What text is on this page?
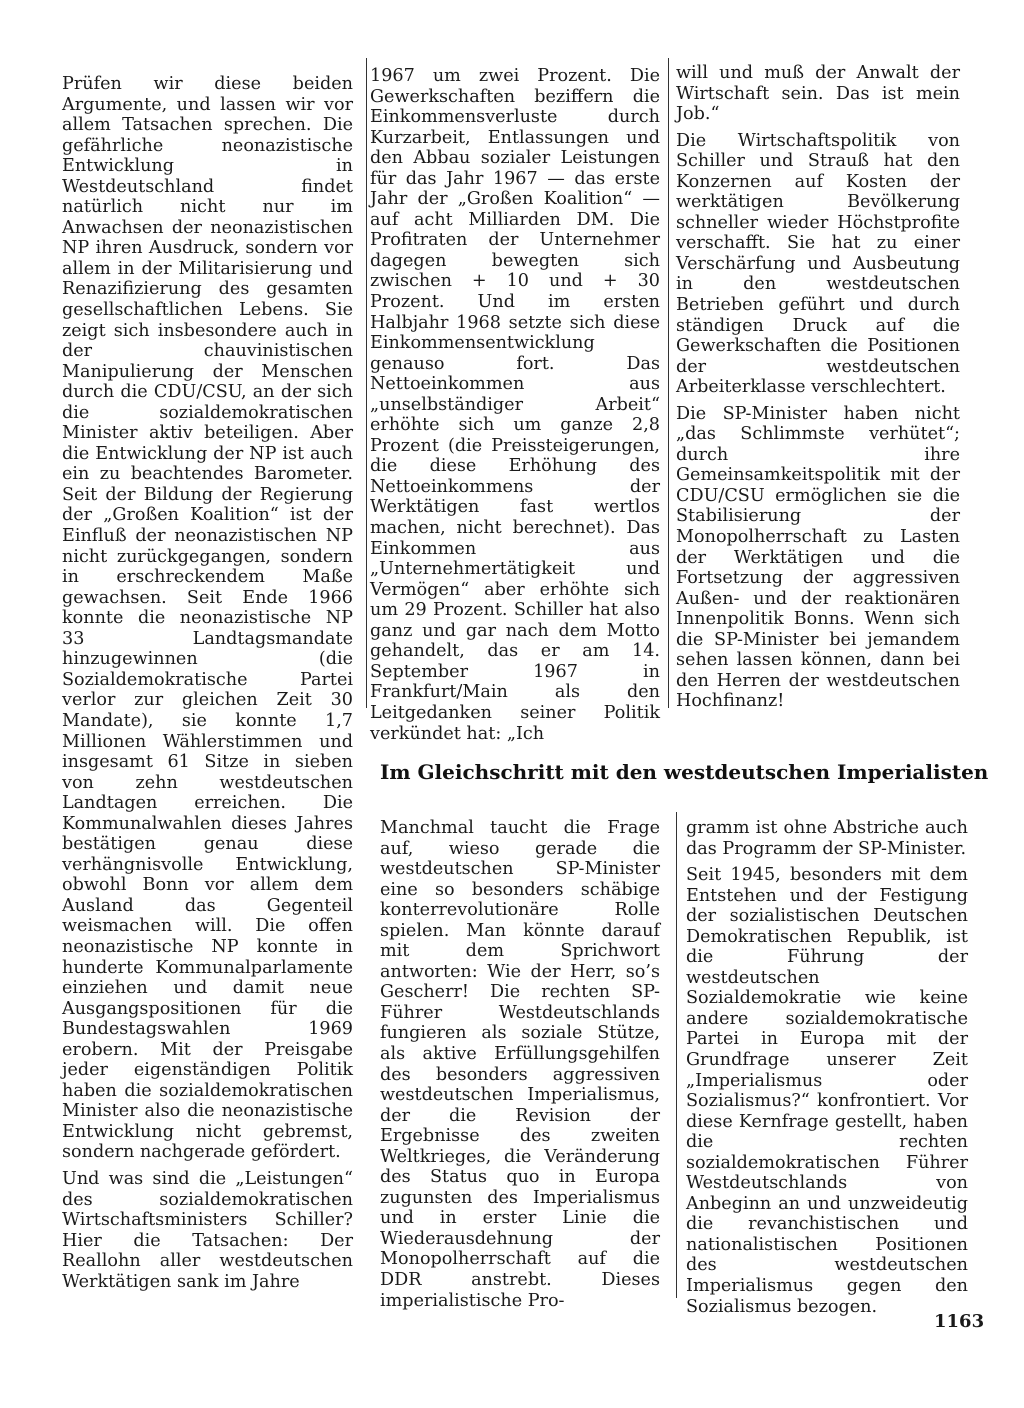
Prüfen wir diese beiden Argumente, und lassen wir vor allem Tatsachen sprechen. Die gefährliche neonazistische Entwicklung in Westdeutschland findet natürlich nicht nur im Anwachsen der neonazistischen NP ihren Ausdruck, sondern vor allem in der Militarisierung und Renazifizierung des gesamten gesellschaftlichen Lebens. Sie zeigt sich insbesondere auch in der chauvinistischen Manipulierung der Menschen durch die CDU/CSU, an der sich die sozialdemokratischen Minister aktiv beteiligen. Aber die Entwicklung der NP ist auch ein zu beachtendes Barometer. Seit der Bildung der Regierung der „Großen Koalition“ ist der Einfluß der neonazistischen NP nicht zurückgegangen, sondern in erschreckendem Maße gewachsen. Seit Ende 1966 konnte die neonazistische NP 33 Landtagsmandate hinzugewinnen (die Sozialdemokratische Partei verlor zur gleichen Zeit 30 Mandate), sie konnte 1,7 Millionen Wählerstimmen und insgesamt 61 Sitze in sieben von zehn westdeutschen Landtagen erreichen. Die Kommunalwahlen dieses Jahres bestätigen genau diese verhängnisvolle Entwicklung, obwohl Bonn vor allem dem Ausland das Gegenteil weismachen will. Die offen neonazistische NP konnte in hunderte Kommunalparlamente einziehen und damit neue Ausgangspositionen für die Bundestagswahlen 1969 erobern. Mit der Preisgabe jeder eigenständigen Politik haben die sozialdemokratischen Minister also die neonazistische Entwicklung nicht gebremst, sondern nachgerade gefördert.

Und was sind die „Leistungen“ des sozialdemokratischen Wirtschaftsministers Schiller? Hier die Tatsachen: Der Reallohn aller westdeutschen Werktätigen sank im Jahre

1967 um zwei Prozent. Die Gewerkschaften beziffern die Einkommensverluste durch Kurzarbeit, Entlassungen und den Abbau sozialer Leistungen für das Jahr 1967 — das erste Jahr der „Großen Koalition“ — auf acht Milliarden DM. Die Profitraten der Unternehmer dagegen bewegten sich zwischen + 10 und + 30 Prozent. Und im ersten Halbjahr 1968 setzte sich diese Einkommensentwicklung genauso fort. Das Nettoeinkommen aus „unselbständiger Arbeit“ erhöhte sich um ganze 2,8 Prozent (die Preissteigerungen, die diese Erhöhung des Nettoeinkommens der Werktätigen fast wertlos machen, nicht berechnet). Das Einkommen aus „Unternehmertätigkeit und Vermögen“ aber erhöhte sich um 29 Prozent. Schiller hat also ganz und gar nach dem Motto gehandelt, das er am 14. September 1967 in Frankfurt/Main als den Leitgedanken seiner Politik verkündet hat: „Ich

will und muß der Anwalt der Wirtschaft sein. Das ist mein Job.“

Die Wirtschaftspolitik von Schiller und Strauß hat den Konzernen auf Kosten der werktätigen Bevölkerung schneller wieder Höchstprofite verschafft. Sie hat zu einer Verschärfung und Ausbeutung in den westdeutschen Betrieben geführt und durch ständigen Druck auf die Gewerkschaften die Positionen der westdeutschen Arbeiterklasse verschlechtert.

Die SP-Minister haben nicht „das Schlimmste verhütet“; durch ihre Gemeinsamkeitspolitik mit der CDU/CSU ermöglichen sie die Stabilisierung der Monopolherrschaft zu Lasten der Werktätigen und die Fortsetzung der aggressiven Außen- und der reaktionären Innenpolitik Bonns. Wenn sich die SP-Minister bei jemandem sehen lassen können, dann bei den Herren der westdeutschen Hochfinanz!

Im Gleichschritt mit den westdeutschen Imperialisten

Manchmal taucht die Frage auf, wieso gerade die westdeutschen SP-Minister eine so besonders schäbige konterrevolutionäre Rolle spielen. Man könnte darauf mit dem Sprichwort antworten: Wie der Herr, so’s Gescherr! Die rechten SP-Führer Westdeutschlands fungieren als soziale Stütze, als aktive Erfüllungsgehilfen des besonders aggressiven westdeutschen Imperialismus, der die Revision der Ergebnisse des zweiten Weltkrieges, die Veränderung des Status quo in Europa zugunsten des Imperialismus und in erster Linie die Wiederausdehnung der Monopolherrschaft auf die DDR anstrebt. Dieses imperialistische Pro-

gramm ist ohne Abstriche auch das Programm der SP-Minister.

Seit 1945, besonders mit dem Entstehen und der Festigung der sozialistischen Deutschen Demokratischen Republik, ist die Führung der westdeutschen Sozialdemokratie wie keine andere sozialdemokratische Partei in Europa mit der Grundfrage unserer Zeit „Imperialismus oder Sozialismus?“ konfrontiert. Vor diese Kernfrage gestellt, haben die rechten sozialdemokratischen Führer Westdeutschlands von Anbeginn an und unzweideutig die revanchistischen und nationalistischen Positionen des westdeutschen Imperialismus gegen den Sozialismus bezogen.

1163
